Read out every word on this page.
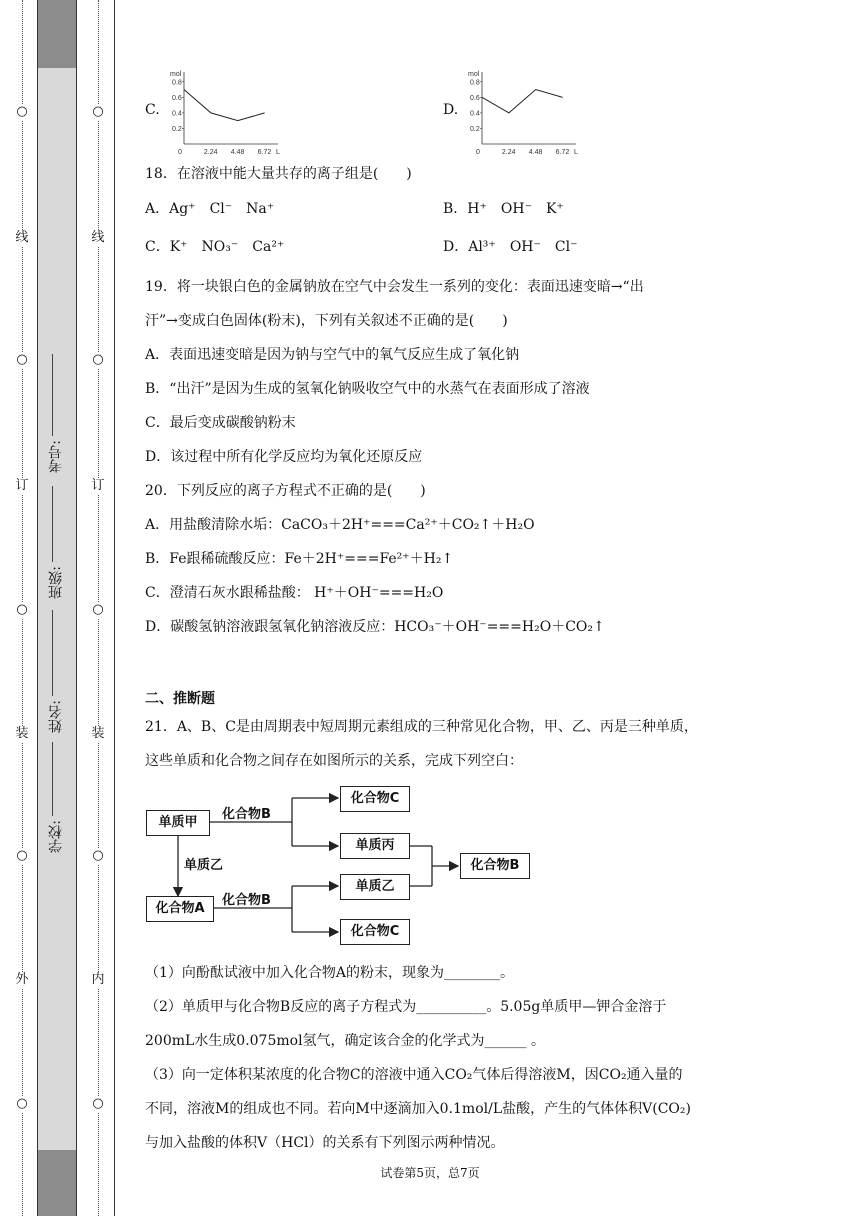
○
线
○
订
○
装
○
外
○
○
线
○
订
○
装
○
内
○
学校:
姓名:
班级:
考号:
C.	D.
mol
L
0.8
0.6
0.4
0.2
0	2.24 4.48 6.72
mol
L
0.8
0.6
0.4
0.2
0	2.24 4.48 6.72
18．在溶液中能大量共存的离子组是(　　)
A．Ag⁺　Cl⁻　Na⁺	B．H⁺　OH⁻　K⁺
C．K⁺　NO₃⁻　Ca²⁺	D．Al³⁺　OH⁻　Cl⁻
19．将一块银白色的金属钠放在空气中会发生一系列的变化：表面迅速变暗→“出
汗”→变成白色固体(粉末)，下列有关叙述不正确的是(　　)
A．表面迅速变暗是因为钠与空气中的氧气反应生成了氧化钠
B．“出汗”是因为生成的氢氧化钠吸收空气中的水蒸气在表面形成了溶液
C．最后变成碳酸钠粉末
D．该过程中所有化学反应均为氧化还原反应
20．下列反应的离子方程式不正确的是(　　)
A．用盐酸清除水垢：CaCO₃＋2H⁺===Ca²⁺＋CO₂↑＋H₂O
B．Fe跟稀硫酸反应：Fe＋2H⁺===Fe²⁺＋H₂↑
C．澄清石灰水跟稀盐酸： H⁺＋OH⁻===H₂O
D．碳酸氢钠溶液跟氢氧化钠溶液反应：HCO₃⁻＋OH⁻===H₂O＋CO₂↑
二、推断题
21．A、B、C是由周期表中短周期元素组成的三种常见化合物，甲、乙、丙是三种单质，
这些单质和化合物之间存在如图所示的关系，完成下列空白：
单质甲
化合物B
化合物C
单质丙
单质乙	化合物B
单质乙
化合物A
化合物B
化合物C
（1）向酚酞试液中加入化合物A的粉末，现象为________。
（2）单质甲与化合物B反应的离子方程式为__________。5.05g单质甲—钾合金溶于
200mL水生成0.075mol氢气，确定该合金的化学式为______ 。
（3）向一定体积某浓度的化合物C的溶液中通入CO₂气体后得溶液M，因CO₂通入量的
不同，溶液M的组成也不同。若向M中逐滴加入0.1mol/L盐酸，产生的气体体积V(CO₂)
与加入盐酸的体积V（HCl）的关系有下列图示两种情况。
试卷第5页，总7页
